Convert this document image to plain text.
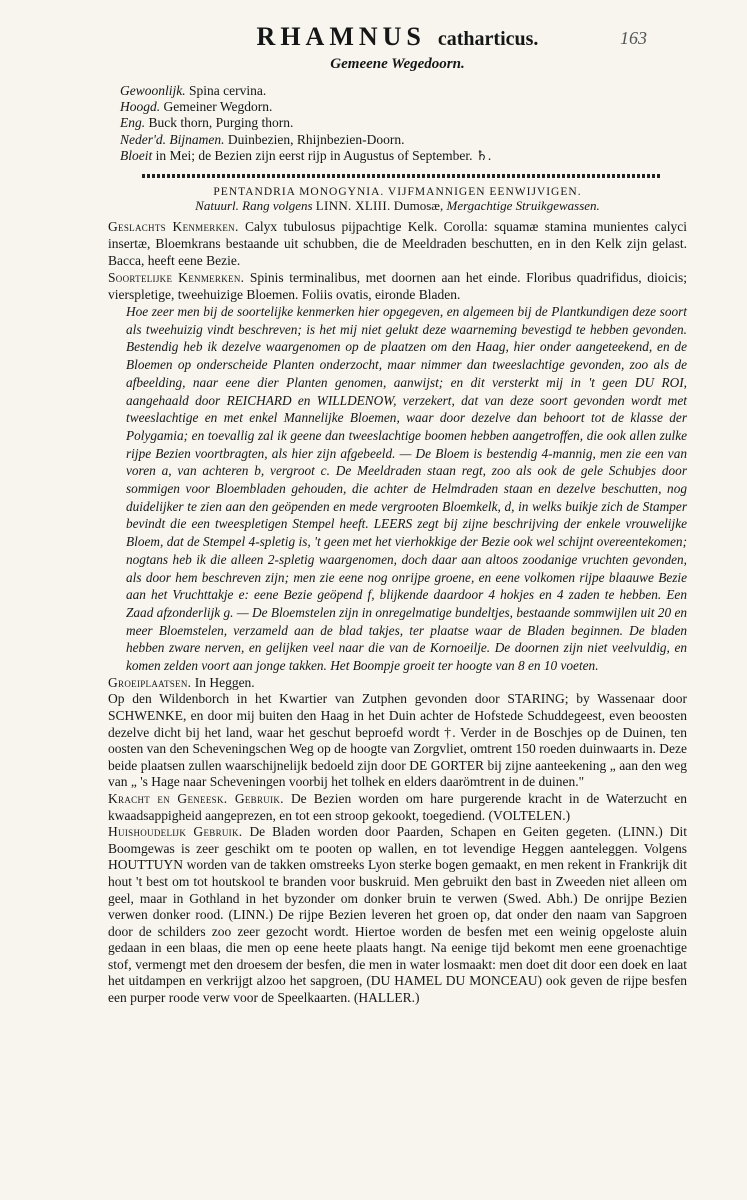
RHAMNUS catharticus.	163
Gemeene Wegedoorn.
Gewoonlijk. Spina cervina.
Hoogd. Gemeiner Wegdorn.
Eng. Buck thorn, Purging thorn.
Neder'd. Bijnamen. Duinbezien, Rhijnbezien-Doorn.
Bloeit in Mei; de Bezien zijn eerst rijp in Augustus of September. ♄.
PENTANDRIA MONOGYNIA. VIJFMANNIGEN EENWIJVIGEN.
Natuurl. Rang volgens LINN. XLIII. Dumosæ, Mergachtige Struikgewassen.

Geslachts Kenmerken. Calyx tubulosus pijpachtige Kelk. Corolla: squamæ stamina munientes calyci insertæ, Bloemkrans bestaande uit schubben, die de Meeldraden beschutten, en in den Kelk zijn gelast. Bacca, heeft eene Bezie.

Soortelijke Kenmerken. Spinis terminalibus, met doornen aan het einde. Floribus quadrifidus, dioicis; vierspletige, tweehuizige Bloemen. Foliis ovatis, eironde Bladen.

Hoe zeer men bij de soortelijke kenmerken hier opgegeven, en algemeen bij de Plantkundigen deze soort als tweehuizig vindt beschreven; is het mij niet gelukt deze waarneming bevestigd te hebben gevonden. Bestendig heb ik dezelve waargenomen op de plaatzen om den Haag, hier onder aangeteekend, en de Bloemen op onderscheide Planten onderzocht, maar nimmer dan tweeslachtige gevonden, zoo als de afbeelding, naar eene dier Planten genomen, aanwijst; en dit versterkt mij in 't geen DU ROI, aangehaald door REICHARD en WILLDENOW, verzekert, dat van deze soort gevonden wordt met tweeslachtige en met enkel Mannelijke Bloemen, waar door dezelve dan behoort tot de klasse der Polygamia; en toevallig zal ik geene dan tweeslachtige boomen hebben aangetroffen, die ook allen zulke rijpe Bezien voortbragten, als hier zijn afgebeeld. — De Bloem is bestendig 4-mannig, men zie een van voren a, van achteren b, vergroot c. De Meeldraden staan regt, zoo als ook de gele Schubjes door sommigen voor Bloembladen gehouden, die achter de Helmdraden staan en dezelve beschutten, nog duidelijker te zien aan den geöpenden en mede vergrooten Bloemkelk, d, in welks buikje zich de Stamper bevindt die een tweespletigen Stempel heeft. LEERS zegt bij zijne beschrijving der enkele vrouwelijke Bloem, dat de Stempel 4-spletig is, 't geen met het vierhokkige der Bezie ook wel schijnt overeentekomen; nogtans heb ik die alleen 2-spletig waargenomen, doch daar aan altoos zoodanige vruchten gevonden, als door hem beschreven zijn; men zie eene nog onrijpe groene, en eene volkomen rijpe blaauwe Bezie aan het Vruchttakje e: eene Bezie geöpend f, blijkende daardoor 4 hokjes en 4 zaden te hebben. Een Zaad afzonderlijk g. — De Bloemstelen zijn in onregelmatige bundeltjes, bestaande sommwijlen uit 20 en meer Bloemstelen, verzameld aan de blad takjes, ter plaatse waar de Bladen beginnen. De bladen hebben zware nerven, en gelijken veel naar die van de Kornoeilje. De doornen zijn niet veelvuldig, en komen zelden voort aan jonge takken. Het Boompje groeit ter hoogte van 8 en 10 voeten.

Groeiplaatsen. In Heggen.

Op den Wildenborch in het Kwartier van Zutphen gevonden door STARING; by Wassenaar door SCHWENKE, en door mij buiten den Haag in het Duin achter de Hofstede Schuddegeest, even beoosten dezelve dicht bij het land, waar het geschut beproefd wordt †. Verder in de Boschjes op de Duinen, ten oosten van den Scheveningschen Weg op de hoogte van Zorgvliet, omtrent 150 roeden duinwaarts in. Deze beide plaatsen zullen waarschijnelijk bedoeld zijn door DE GORTER bij zijne aanteekening „ aan den weg van „ 's Hage naar Scheveningen voorbij het tolhek en elders daarömtrent in de duinen."

Kracht en Geneesk. Gebruik. De Bezien worden om hare purgerende kracht in de Waterzucht en kwaadsappigheid aangeprezen, en tot een stroop gekookt, toegediend. (VOLTELEN.)

Huishoudelijk Gebruik. De Bladen worden door Paarden, Schapen en Geiten gegeten. (LINN.) Dit Boomgewas is zeer geschikt om te pooten op wallen, en tot levendige Heggen aanteleggen. Volgens HOUTTUYN worden van de takken omstreeks Lyon sterke bogen gemaakt, en men rekent in Frankrijk dit hout 't best om tot houtskool te branden voor buskruid. Men gebruikt den bast in Zweeden niet alleen om geel, maar in Gothland in het byzonder om donker bruin te verwen (Swed. Abh.) De onrijpe Bezien verwen donker rood. (LINN.) De rijpe Bezien leveren het groen op, dat onder den naam van Sapgroen door de schilders zoo zeer gezocht wordt. Hiertoe worden de besfen met een weinig opgeloste aluin gedaan in een blaas, die men op eene heete plaats hangt. Na eenige tijd bekomt men eene groenachtige stof, vermengt met den droesem der besfen, die men in water losmaakt: men doet dit door een doek en laat het uitdampen en verkrijgt alzoo het sapgroen, (DU HAMEL DU MONCEAU) ook geven de rijpe besfen een purper roode verw voor de Speelkaarten. (HALLER.)
